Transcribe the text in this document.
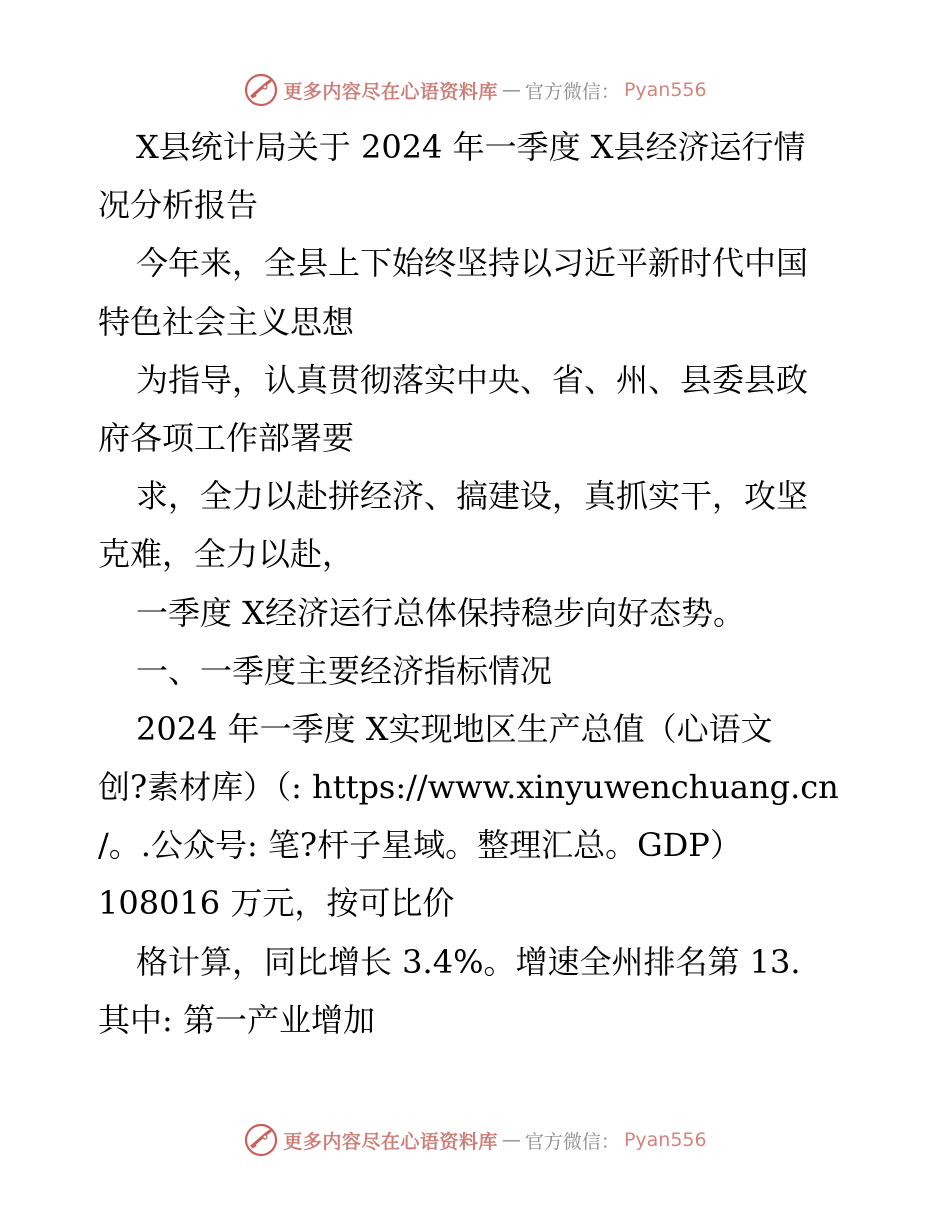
更多内容尽在心语资料库 — 官方微信： Pyan556
X县统计局关于 2024 年一季度 X县经济运行情
况分析报告
今年来，全县上下始终坚持以习近平新时代中国
特色社会主义思想
为指导，认真贯彻落实中央、省、州、县委县政
府各项工作部署要
求，全力以赴拼经济、搞建设，真抓实干，攻坚
克难，全力以赴，
一季度 X经济运行总体保持稳步向好态势。
一、一季度主要经济指标情况
2024 年一季度 X实现地区生产总值（心语文
创?素材库）（: https://www.xinyuwenchuang.cn
/。.公众号: 笔?杆子星域。整理汇总。GDP）
108016 万元，按可比价
格计算，同比增长 3.4%。增速全州排名第 13.
其中: 第一产业增加
更多内容尽在心语资料库 — 官方微信： Pyan556
